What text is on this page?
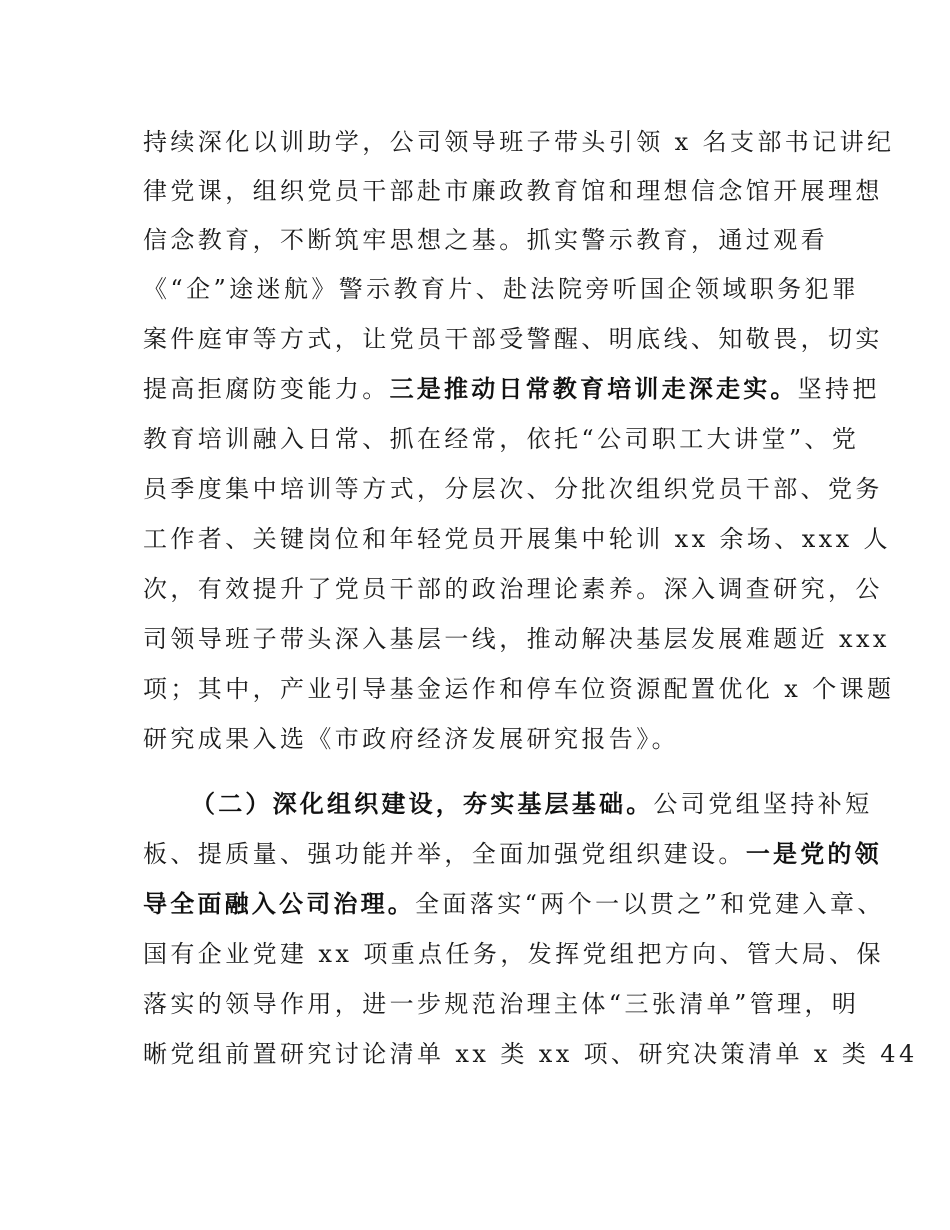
持续深化以训助学，公司领导班子带头引领 x 名支部书记讲纪
律党课，组织党员干部赴市廉政教育馆和理想信念馆开展理想
信念教育，不断筑牢思想之基。抓实警示教育，通过观看
《“企”途迷航》警示教育片、赴法院旁听国企领域职务犯罪
案件庭审等方式，让党员干部受警醒、明底线、知敬畏，切实
提高拒腐防变能力。三是推动日常教育培训走深走实。坚持把
教育培训融入日常、抓在经常，依托“公司职工大讲堂”、党
员季度集中培训等方式，分层次、分批次组织党员干部、党务
工作者、关键岗位和年轻党员开展集中轮训 xx 余场、xxx 人
次，有效提升了党员干部的政治理论素养。深入调查研究，公
司领导班子带头深入基层一线，推动解决基层发展难题近 xxx
项；其中，产业引导基金运作和停车位资源配置优化 x 个课题
研究成果入选《市政府经济发展研究报告》。
（二）深化组织建设，夯实基层基础。公司党组坚持补短
板、提质量、强功能并举，全面加强党组织建设。一是党的领
导全面融入公司治理。全面落实“两个一以贯之”和党建入章、
国有企业党建 xx 项重点任务，发挥党组把方向、管大局、保
落实的领导作用，进一步规范治理主体“三张清单”管理，明
晰党组前置研究讨论清单 xx 类 xx 项、研究决策清单 x 类 44
